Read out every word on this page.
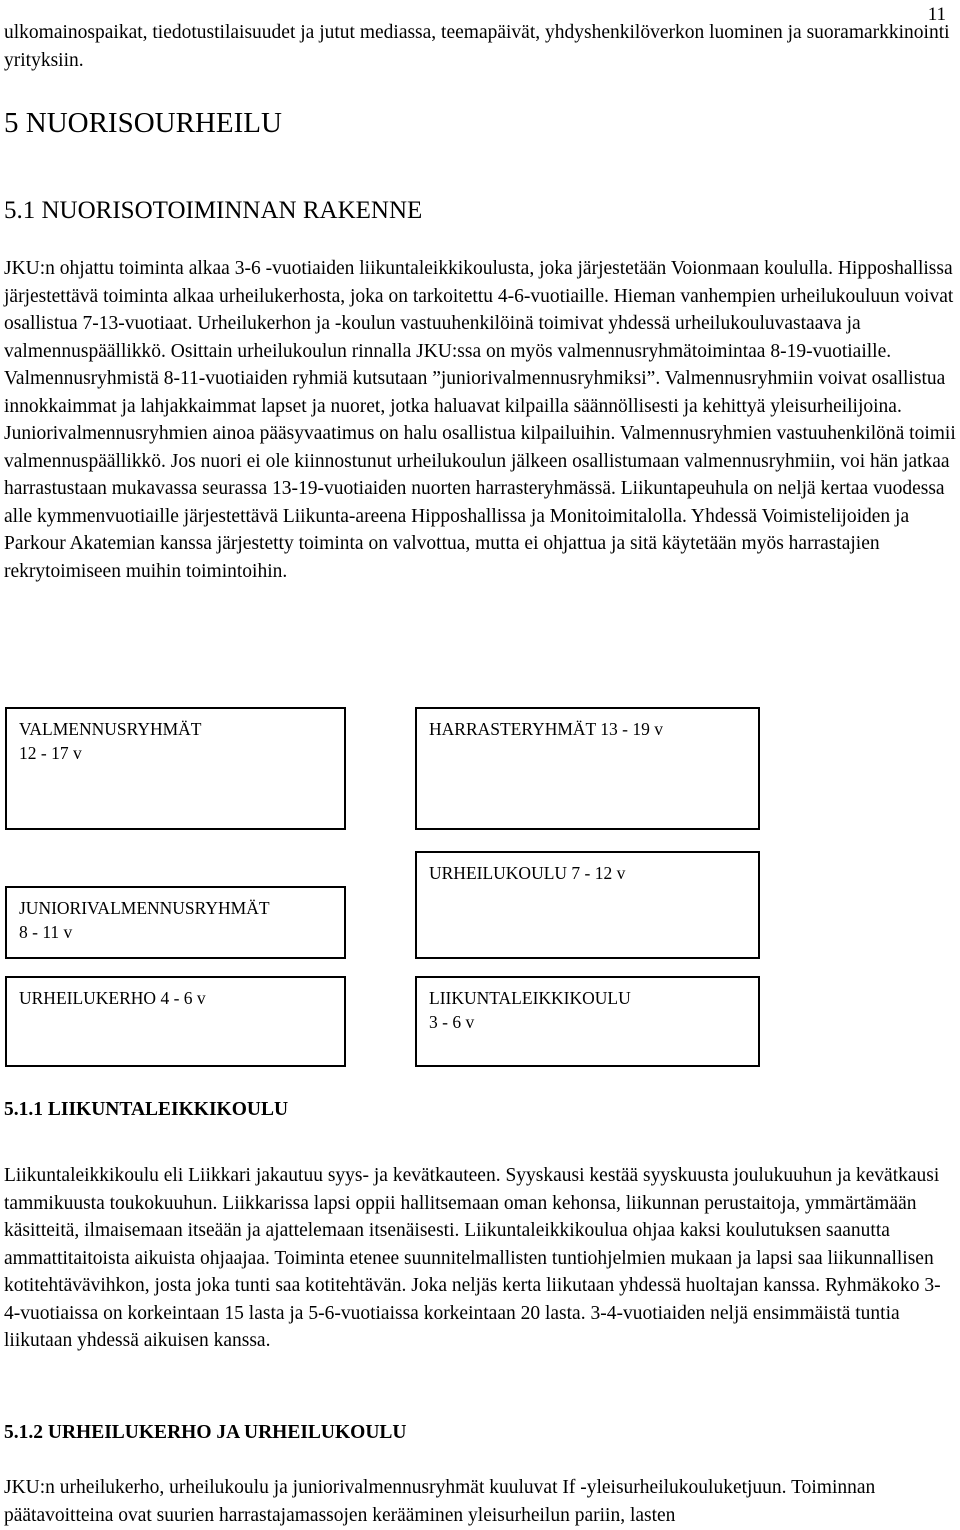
11

ulkomainospaikat, tiedotustilaisuudet ja jutut mediassa, teemapäivät, yhdyshenkilöverkon luominen ja suoramarkkinointi yrityksiin.

5 NUORISOURHEILU
5.1 NUORISOTOIMINNAN RAKENNE

JKU:n ohjattu toiminta alkaa 3-6 -vuotiaiden liikuntaleikkikoulusta, joka järjestetään Voionmaan koululla. Hipposhallissa järjestettävä toiminta alkaa urheilukerhosta, joka on tarkoitettu 4-6-vuotiaille. Hieman vanhempien urheilukouluun voivat osallistua 7-13-vuotiaat. Urheilukerhon ja -koulun vastuuhenkilöinä toimivat yhdessä urheilukouluvastaava ja valmennuspäällikkö. Osittain urheilukoulun rinnalla JKU:ssa on myös valmennusryhmätoimintaa 8-19-vuotiaille. Valmennusryhmistä 8-11-vuotiaiden ryhmiä kutsutaan ”juniorivalmennusryhmiksi”. Valmennusryhmiin voivat osallistua innokkaimmat ja lahjakkaimmat lapset ja nuoret, jotka haluavat kilpailla säännöllisesti ja kehittyä yleisurheilijoina. Juniorivalmennusryhmien ainoa pääsyvaatimus on halu osallistua kilpailuihin. Valmennusryhmien vastuuhenkilönä toimii valmennuspäällikkö. Jos nuori ei ole kiinnostunut urheilukoulun jälkeen osallistumaan valmennusryhmiin, voi hän jatkaa harrastustaan mukavassa seurassa 13-19-vuotiaiden nuorten harrasteryhmässä. Liikuntapeuhula on neljä kertaa vuodessa alle kymmenvuotiaille järjestettävä Liikunta-areena Hipposhallissa ja Monitoimitalolla. Yhdessä Voimistelijoiden ja Parkour Akatemian kanssa järjestetty toiminta on valvottua, mutta ei ohjattua ja sitä käytetään myös harrastajien rekrytoimiseen muihin toimintoihin.

VALMENNUSRYHMÄT
12 - 17 v
HARRASTERYHMÄT 13 - 19 v
URHEILUKOULU 7 - 12 v
JUNIORIVALMENNUSRYHMÄT
8 - 11 v
URHEILUKERHO 4 - 6 v	LIIKUNTALEIKKIKOULU
3 - 6 v
5.1.1 LIIKUNTALEIKKIKOULU

Liikuntaleikkikoulu eli Liikkari jakautuu syys- ja kevätkauteen. Syyskausi kestää syyskuusta joulukuuhun ja kevätkausi tammikuusta toukokuuhun. Liikkarissa lapsi oppii hallitsemaan oman kehonsa, liikunnan perustaitoja, ymmärtämään käsitteitä, ilmaisemaan itseään ja ajattelemaan itsenäisesti. Liikuntaleikkikoulua ohjaa kaksi koulutuksen saanutta ammattitaitoista aikuista ohjaajaa. Toiminta etenee suunnitelmallisten tuntiohjelmien mukaan ja lapsi saa liikunnallisen kotitehtävävihkon, josta joka tunti saa kotitehtävän. Joka neljäs kerta liikutaan yhdessä huoltajan kanssa. Ryhmäkoko 3-4-vuotiaissa on korkeintaan 15 lasta ja 5-6-vuotiaissa korkeintaan 20 lasta. 3-4-vuotiaiden neljä ensimmäistä tuntia liikutaan yhdessä aikuisen kanssa.

5.1.2 URHEILUKERHO JA URHEILUKOULU

JKU:n urheilukerho, urheilukoulu ja juniorivalmennusryhmät kuuluvat If -yleisurheilukouluketjuun. Toiminnan päätavoitteina ovat suurien harrastajamassojen kerääminen yleisurheilun pariin, lasten
